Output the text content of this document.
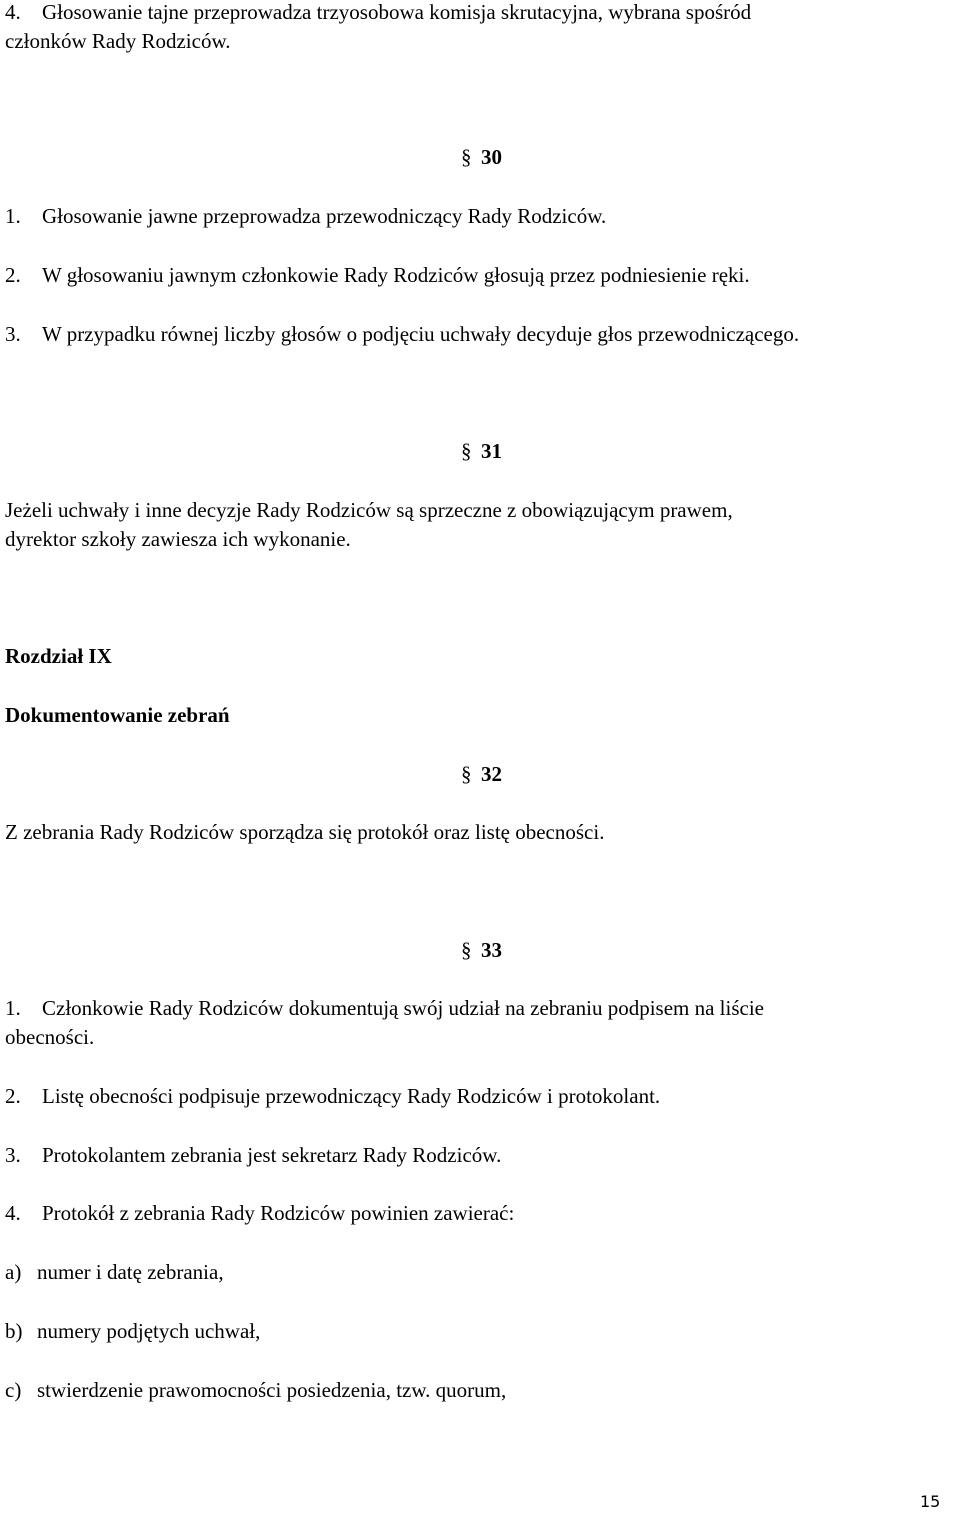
4. Głosowanie tajne przeprowadza trzyosobowa komisja skrutacyjna, wybrana spośród
członków Rady Rodziców.
§ 30
1. Głosowanie jawne przeprowadza przewodniczący Rady Rodziców.
2. W głosowaniu jawnym członkowie Rady Rodziców głosują przez podniesienie ręki.
3. W przypadku równej liczby głosów o podjęciu uchwały decyduje głos przewodniczącego.
§ 31
Jeżeli uchwały i inne decyzje Rady Rodziców są sprzeczne z obowiązującym prawem,
dyrektor szkoły zawiesza ich wykonanie.
Rozdział IX
Dokumentowanie zebrań
§ 32
Z zebrania Rady Rodziców sporządza się protokół oraz listę obecności.
§ 33
1. Członkowie Rady Rodziców dokumentują swój udział na zebraniu podpisem na liście
obecności.
2. Listę obecności podpisuje przewodniczący Rady Rodziców i protokolant.
3. Protokolantem zebrania jest sekretarz Rady Rodziców.
4. Protokół z zebrania Rady Rodziców powinien zawierać:
a) numer i datę zebrania,
b) numery podjętych uchwał,
c) stwierdzenie prawomocności posiedzenia, tzw. quorum,
15
